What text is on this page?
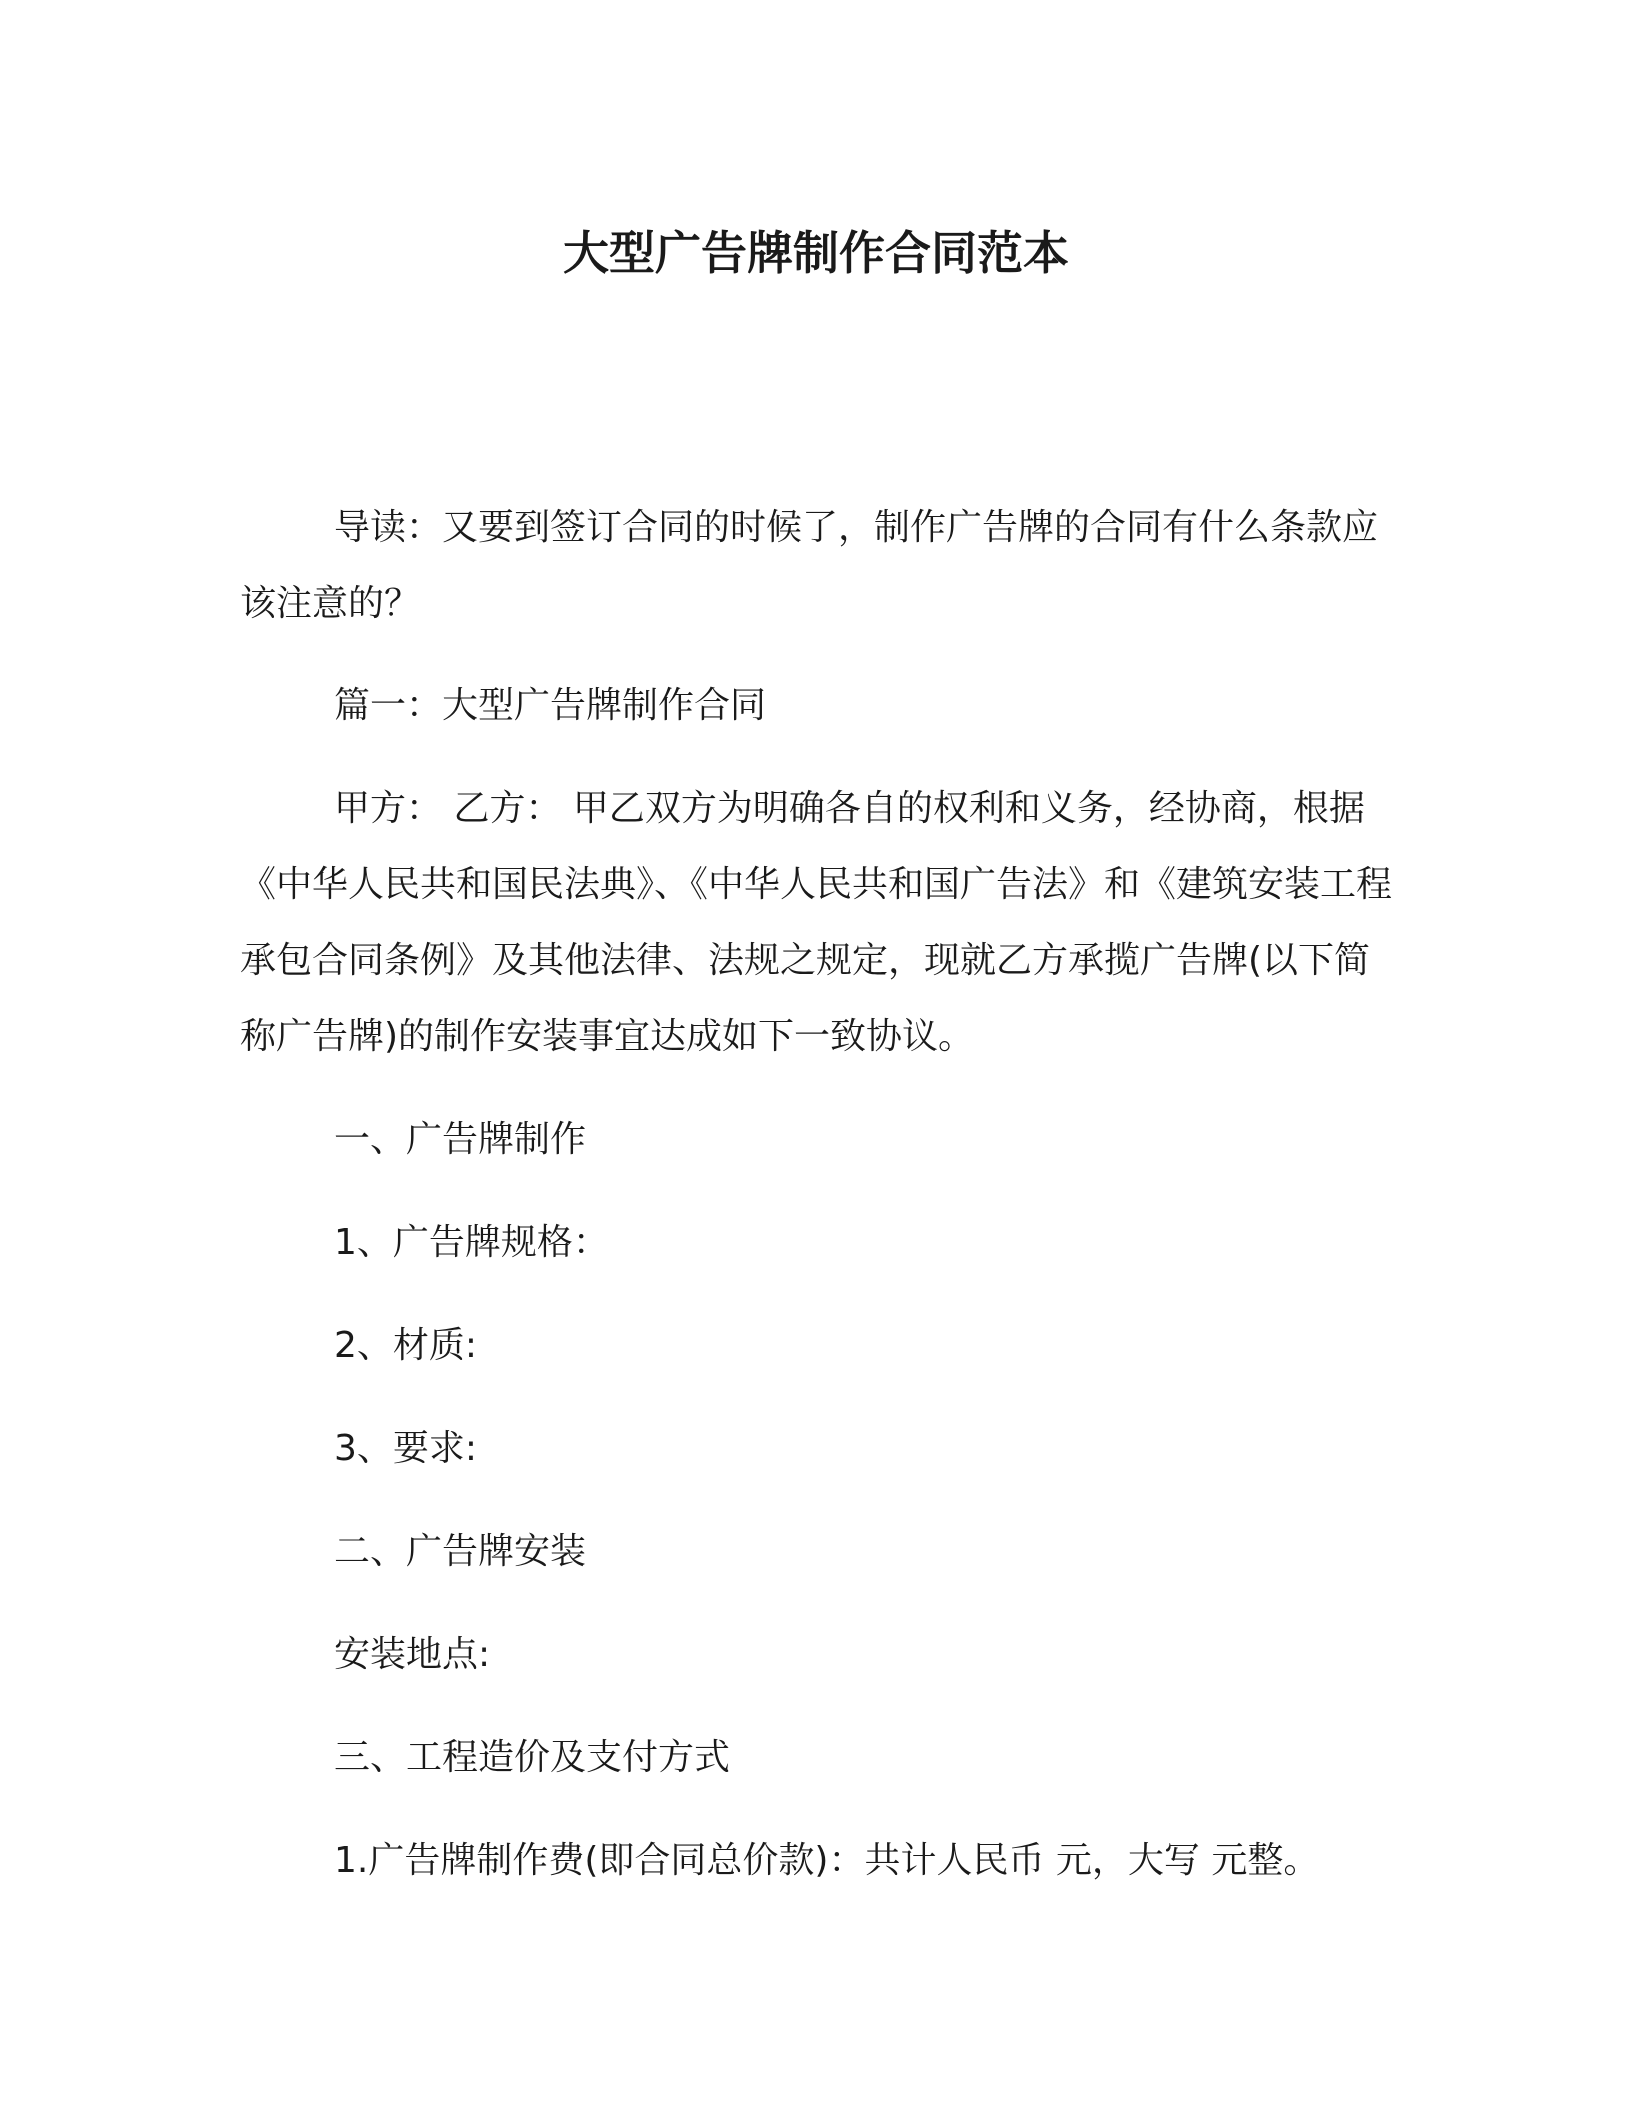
大型广告牌制作合同范本

导读：又要到签订合同的时候了，制作广告牌的合同有什么条款应该注意的？

篇一：大型广告牌制作合同

甲方： 乙方： 甲乙双方为明确各自的权利和义务，经协商，根据《中华人民共和国民法典》、《中华人民共和国广告法》和《建筑安装工程承包合同条例》及其他法律、法规之规定，现就乙方承揽广告牌(以下简称广告牌)的制作安装事宜达成如下一致协议。

一、广告牌制作

1、广告牌规格：

2、材质:

3、要求:

二、广告牌安装

安装地点:

三、工程造价及支付方式

1.广告牌制作费(即合同总价款)：共计人民币 元，大写 元整。
